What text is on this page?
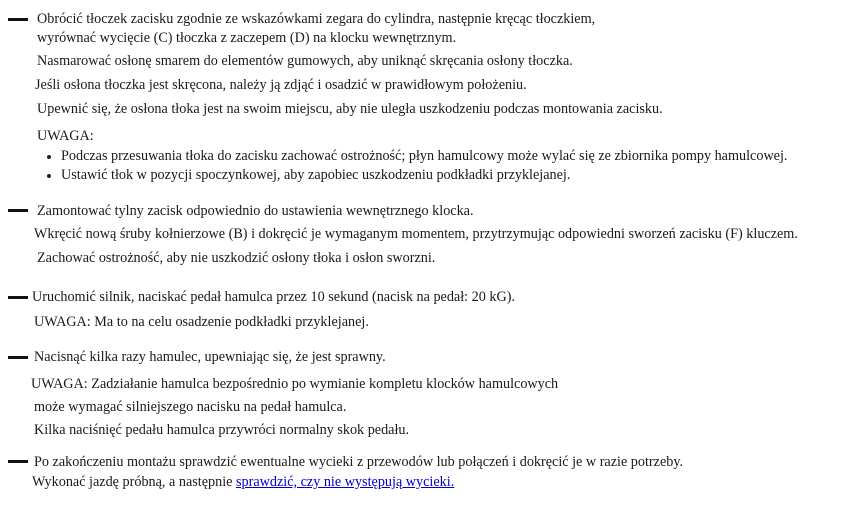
Obrócić tłoczek zacisku zgodnie ze wskazówkami zegara do cylindra, następnie kręcąc tłoczkiem,
wyrównać wycięcie (C) tłoczka z zaczepem (D) na klocku wewnętrznym.
Nasmarować osłonę smarem do elementów gumowych, aby uniknąć skręcania osłony tłoczka.
Jeśli osłona tłoczka jest skręcona, należy ją zdjąć i osadzić w prawidłowym położeniu.
Upewnić się, że osłona tłoka jest na swoim miejscu, aby nie uległa uszkodzeniu podczas montowania zacisku.
UWAGA:
Podczas przesuwania tłoka do zacisku zachować ostrożność; płyn hamulcowy może wylać się ze zbiornika pompy hamulcowej.
Ustawić tłok w pozycji spoczynkowej, aby zapobiec uszkodzeniu podkładki przyklejanej.
Zamontować tylny zacisk odpowiednio do ustawienia wewnętrznego klocka.
Wkręcić nową śruby kołnierzowe (B) i dokręcić je wymaganym momentem, przytrzymując odpowiedni sworzeń zacisku (F) kluczem.
Zachować ostrożność, aby nie uszkodzić osłony tłoka i osłon sworzni.
Uruchomić silnik, naciskać pedał hamulca przez 10 sekund (nacisk na pedał: 20 kG).
UWAGA: Ma to na celu osadzenie podkładki przyklejanej.
Nacisnąć kilka razy hamulec, upewniając się, że jest sprawny.
UWAGA: Zadziałanie hamulca bezpośrednio po wymianie kompletu klocków hamulcowych
może wymagać silniejszego nacisku na pedał hamulca.
Kilka naciśnięć pedału hamulca przywróci normalny skok pedału.
Po zakończeniu montażu sprawdzić ewentualne wycieki z przewodów lub połączeń i dokręcić je w razie potrzeby.
Wykonać jazdę próbną, a następnie sprawdzić, czy nie występują wycieki.
